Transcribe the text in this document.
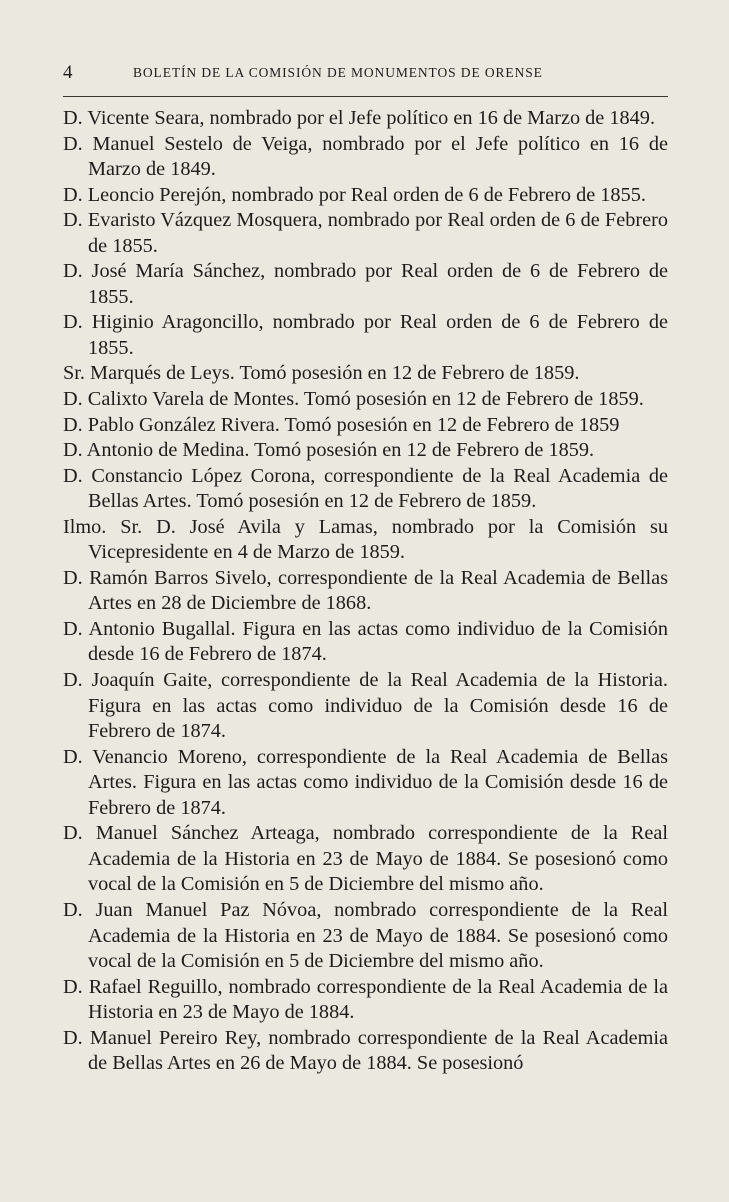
4	BOLETÍN DE LA COMISIÓN DE MONUMENTOS DE ORENSE

D. Vicente Seara, nombrado por el Jefe político en 16 de Marzo de 1849.

D. Manuel Sestelo de Veiga, nombrado por el Jefe político en 16 de Marzo de 1849.

D. Leoncio Perejón, nombrado por Real orden de 6 de Febrero de 1855.

D. Evaristo Vázquez Mosquera, nombrado por Real orden de 6 de Febrero de 1855.

D. José María Sánchez, nombrado por Real orden de 6 de Febrero de 1855.

D. Higinio Aragoncillo, nombrado por Real orden de 6 de Febrero de 1855.

Sr. Marqués de Leys. Tomó posesión en 12 de Febrero de 1859.

D. Calixto Varela de Montes. Tomó posesión en 12 de Febrero de 1859.

D. Pablo González Rivera. Tomó posesión en 12 de Febrero de 1859

D. Antonio de Medina. Tomó posesión en 12 de Febrero de 1859.

D. Constancio López Corona, correspondiente de la Real Academia de Bellas Artes. Tomó posesión en 12 de Febrero de 1859.

Ilmo. Sr. D. José Avila y Lamas, nombrado por la Comisión su Vicepresidente en 4 de Marzo de 1859.

D. Ramón Barros Sivelo, correspondiente de la Real Academia de Bellas Artes en 28 de Diciembre de 1868.

D. Antonio Bugallal. Figura en las actas como individuo de la Comisión desde 16 de Febrero de 1874.

D. Joaquín Gaite, correspondiente de la Real Academia de la Historia. Figura en las actas como individuo de la Comisión desde 16 de Febrero de 1874.

D. Venancio Moreno, correspondiente de la Real Academia de Bellas Artes. Figura en las actas como individuo de la Comisión desde 16 de Febrero de 1874.

D. Manuel Sánchez Arteaga, nombrado correspondiente de la Real Academia de la Historia en 23 de Mayo de 1884. Se posesionó como vocal de la Comisión en 5 de Diciembre del mismo año.

D. Juan Manuel Paz Nóvoa, nombrado correspondiente de la Real Academia de la Historia en 23 de Mayo de 1884. Se posesionó como vocal de la Comisión en 5 de Diciembre del mismo año.

D. Rafael Reguillo, nombrado correspondiente de la Real Academia de la Historia en 23 de Mayo de 1884.

D. Manuel Pereiro Rey, nombrado correspondiente de la Real Academia de Bellas Artes en 26 de Mayo de 1884. Se posesionó
